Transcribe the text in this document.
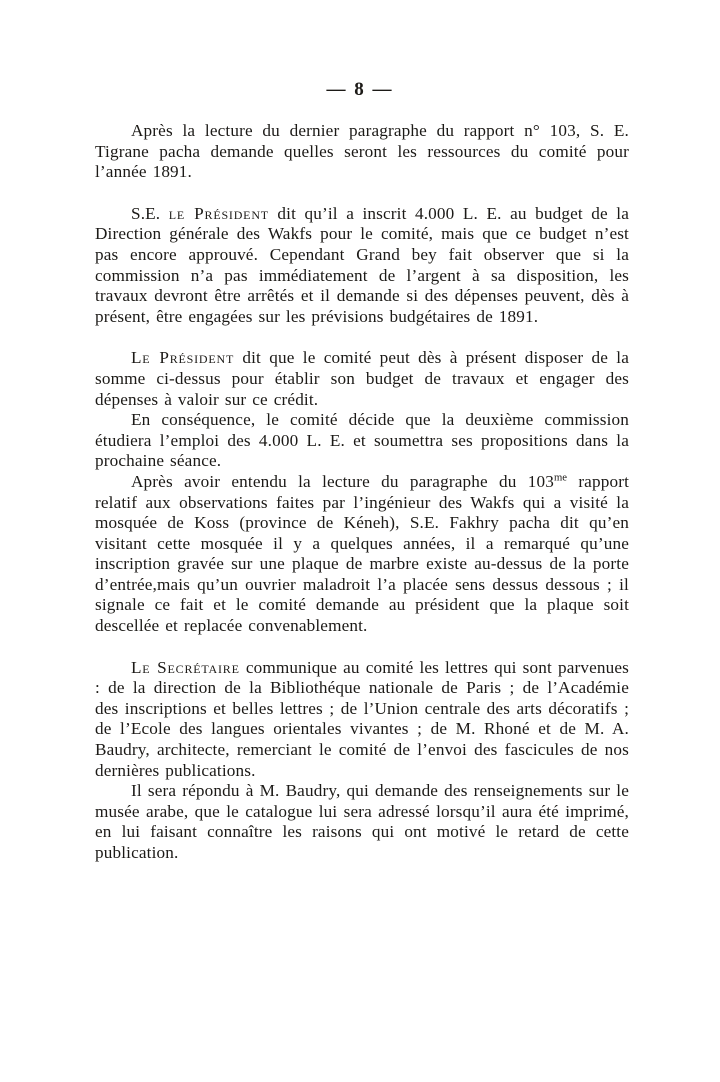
— 8 —

Après la lecture du dernier paragraphe du rapport n° 103, S. E. Tigrane pacha demande quelles seront les ressources du comité pour l’année 1891.

S.E. le Président dit qu’il a inscrit 4.000 L. E. au budget de la Direction générale des Wakfs pour le comité, mais que ce budget n’est pas encore approuvé. Cependant Grand bey fait observer que si la commission n’a pas immédiatement de l’argent à sa disposition, les travaux devront être arrêtés et il demande si des dépenses peuvent, dès à présent, être engagées sur les prévisions budgétaires de 1891.

Le Président dit que le comité peut dès à présent disposer de la somme ci-dessus pour établir son budget de travaux et engager des dépenses à valoir sur ce crédit.

En conséquence, le comité décide que la deuxième commission étudiera l’emploi des 4.000 L. E. et soumettra ses propositions dans la prochaine séance.

Après avoir entendu la lecture du paragraphe du $103^{me}$ rapport relatif aux observations faites par l’ingénieur des Wakfs qui a visité la mosquée de Koss (province de Kéneh), S.E. Fakhry pacha dit qu’en visitant cette mosquée il y a quelques années, il a remarqué qu’une inscription gravée sur une plaque de marbre existe au-dessus de la porte d’entrée,mais qu’un ouvrier maladroit l’a placée sens dessus dessous ; il signale ce fait et le comité demande au président que la plaque soit descellée et replacée convenablement.

Le Secrétaire communique au comité les lettres qui sont parvenues : de la direction de la Bibliothéque nationale de Paris ; de l’Académie des inscriptions et belles lettres ; de l’Union centrale des arts décoratifs ; de l’Ecole des langues orientales vivantes ; de M. Rhoné et de M. A. Baudry, architecte, remerciant le comité de l’envoi des fascicules de nos dernières publications.

Il sera répondu à M. Baudry, qui demande des renseignements sur le musée arabe, que le catalogue lui sera adressé lorsqu’il aura été imprimé, en lui faisant connaître les raisons qui ont motivé le retard de cette publication.
